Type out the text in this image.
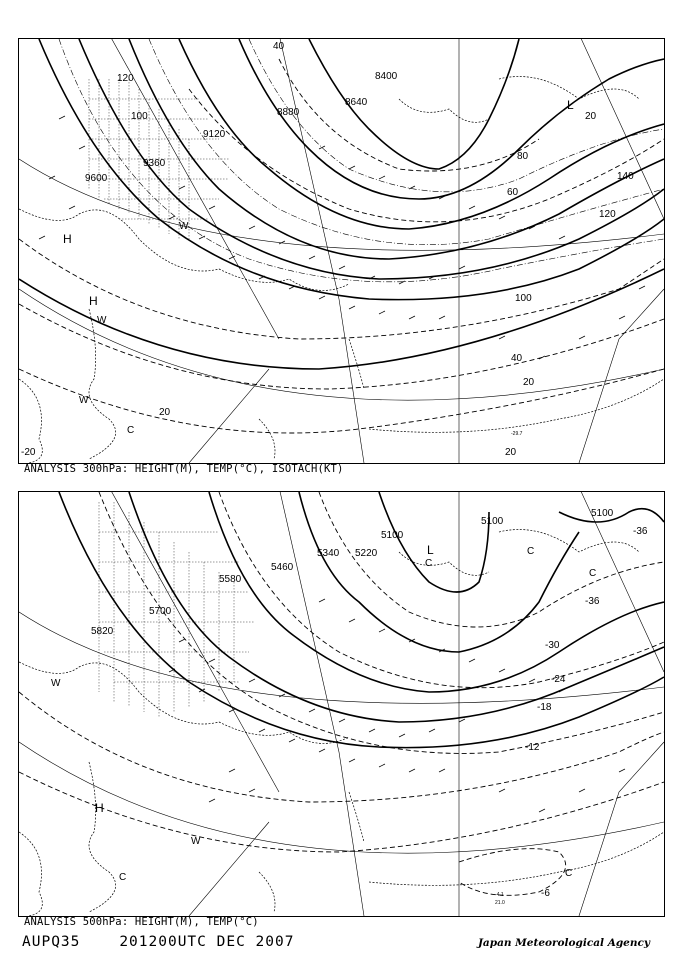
9600
9360
9120
8880
8640
8400
120
100
40
140
120
100
80
60
40
20
20
20
20
H
H
L
W
W
W
C	-29.7
-20
ANALYSIS 300hPa: HEIGHT(M), TEMP(°C), ISOTACH(KT)
5820
5700
5580
5460
5340 5220
5100
5100
5100
-36
-30
-24
-18
-12
-6
-36
L
C
C
C
W
H
W
C	C
-4.1
21.0
ANALYSIS 500hPa: HEIGHT(M), TEMP(°C)
AUPQ35	201200UTC DEC 2007	Japan Meteorological Agency
